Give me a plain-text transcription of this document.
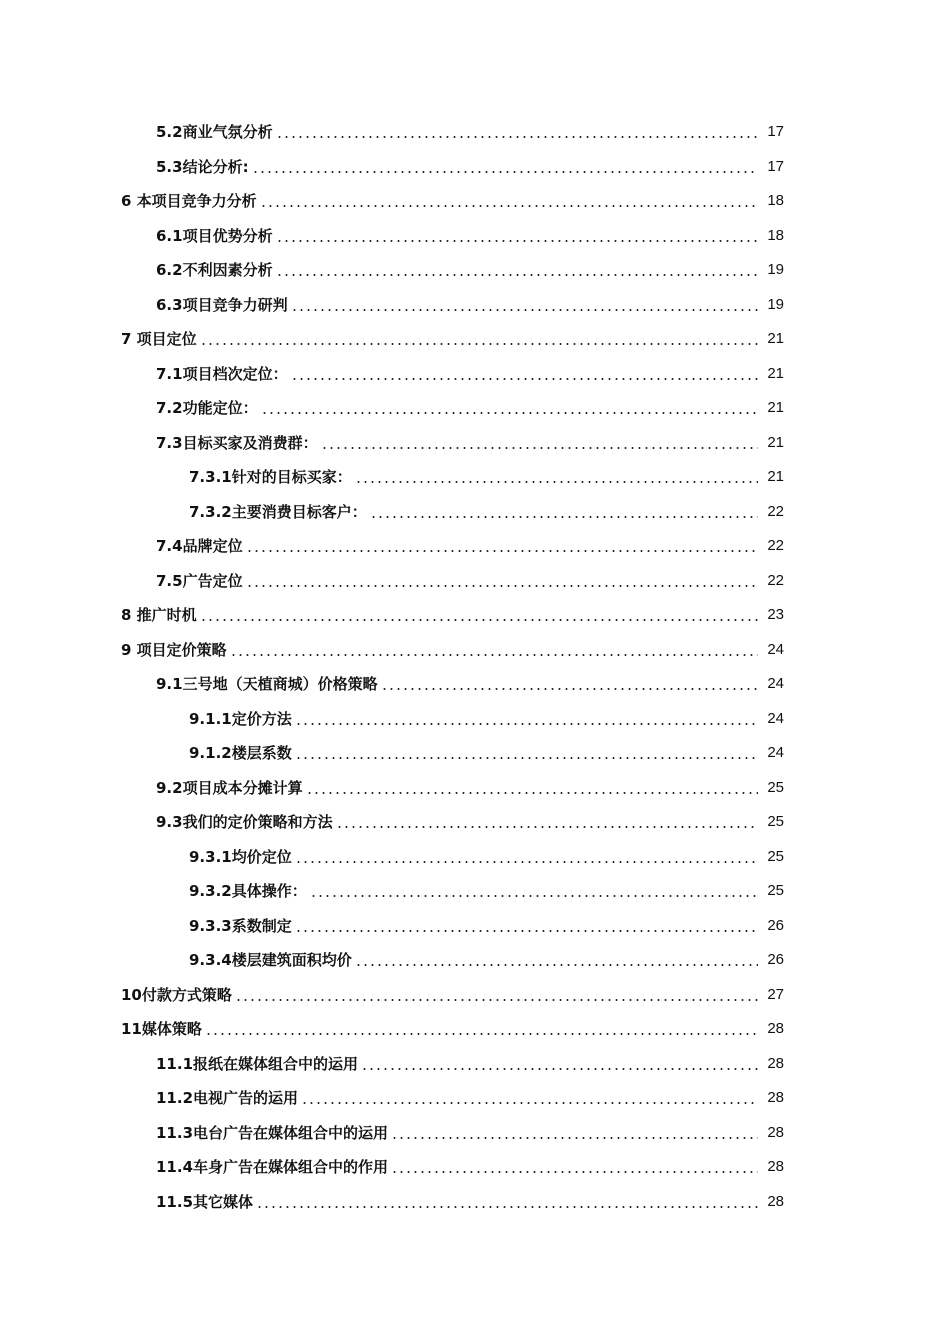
5.2商业气氛分析	17
5.3结论分析:	17
6 本项目竞争力分析	18
6.1项目优势分析	18
6.2不利因素分析	19
6.3项目竞争力研判	19
7 项目定位	21
7.1项目档次定位：	21
7.2功能定位：	21
7.3目标买家及消费群：	21
7.3.1针对的目标买家：	21
7.3.2主要消费目标客户：	22
7.4品牌定位	22
7.5广告定位	22
8 推广时机	23
9 项目定价策略	24
9.1三号地（天植商城）价格策略	24
9.1.1定价方法	24
9.1.2楼层系数	24
9.2项目成本分摊计算	25
9.3我们的定价策略和方法	25
9.3.1均价定位	25
9.3.2具体操作：	25
9.3.3系数制定	26
9.3.4楼层建筑面积均价	26
10付款方式策略	27
11媒体策略	28
11.1报纸在媒体组合中的运用	28
11.2电视广告的运用	28
11.3电台广告在媒体组合中的运用	28
11.4车身广告在媒体组合中的作用	28
11.5其它媒体	28
